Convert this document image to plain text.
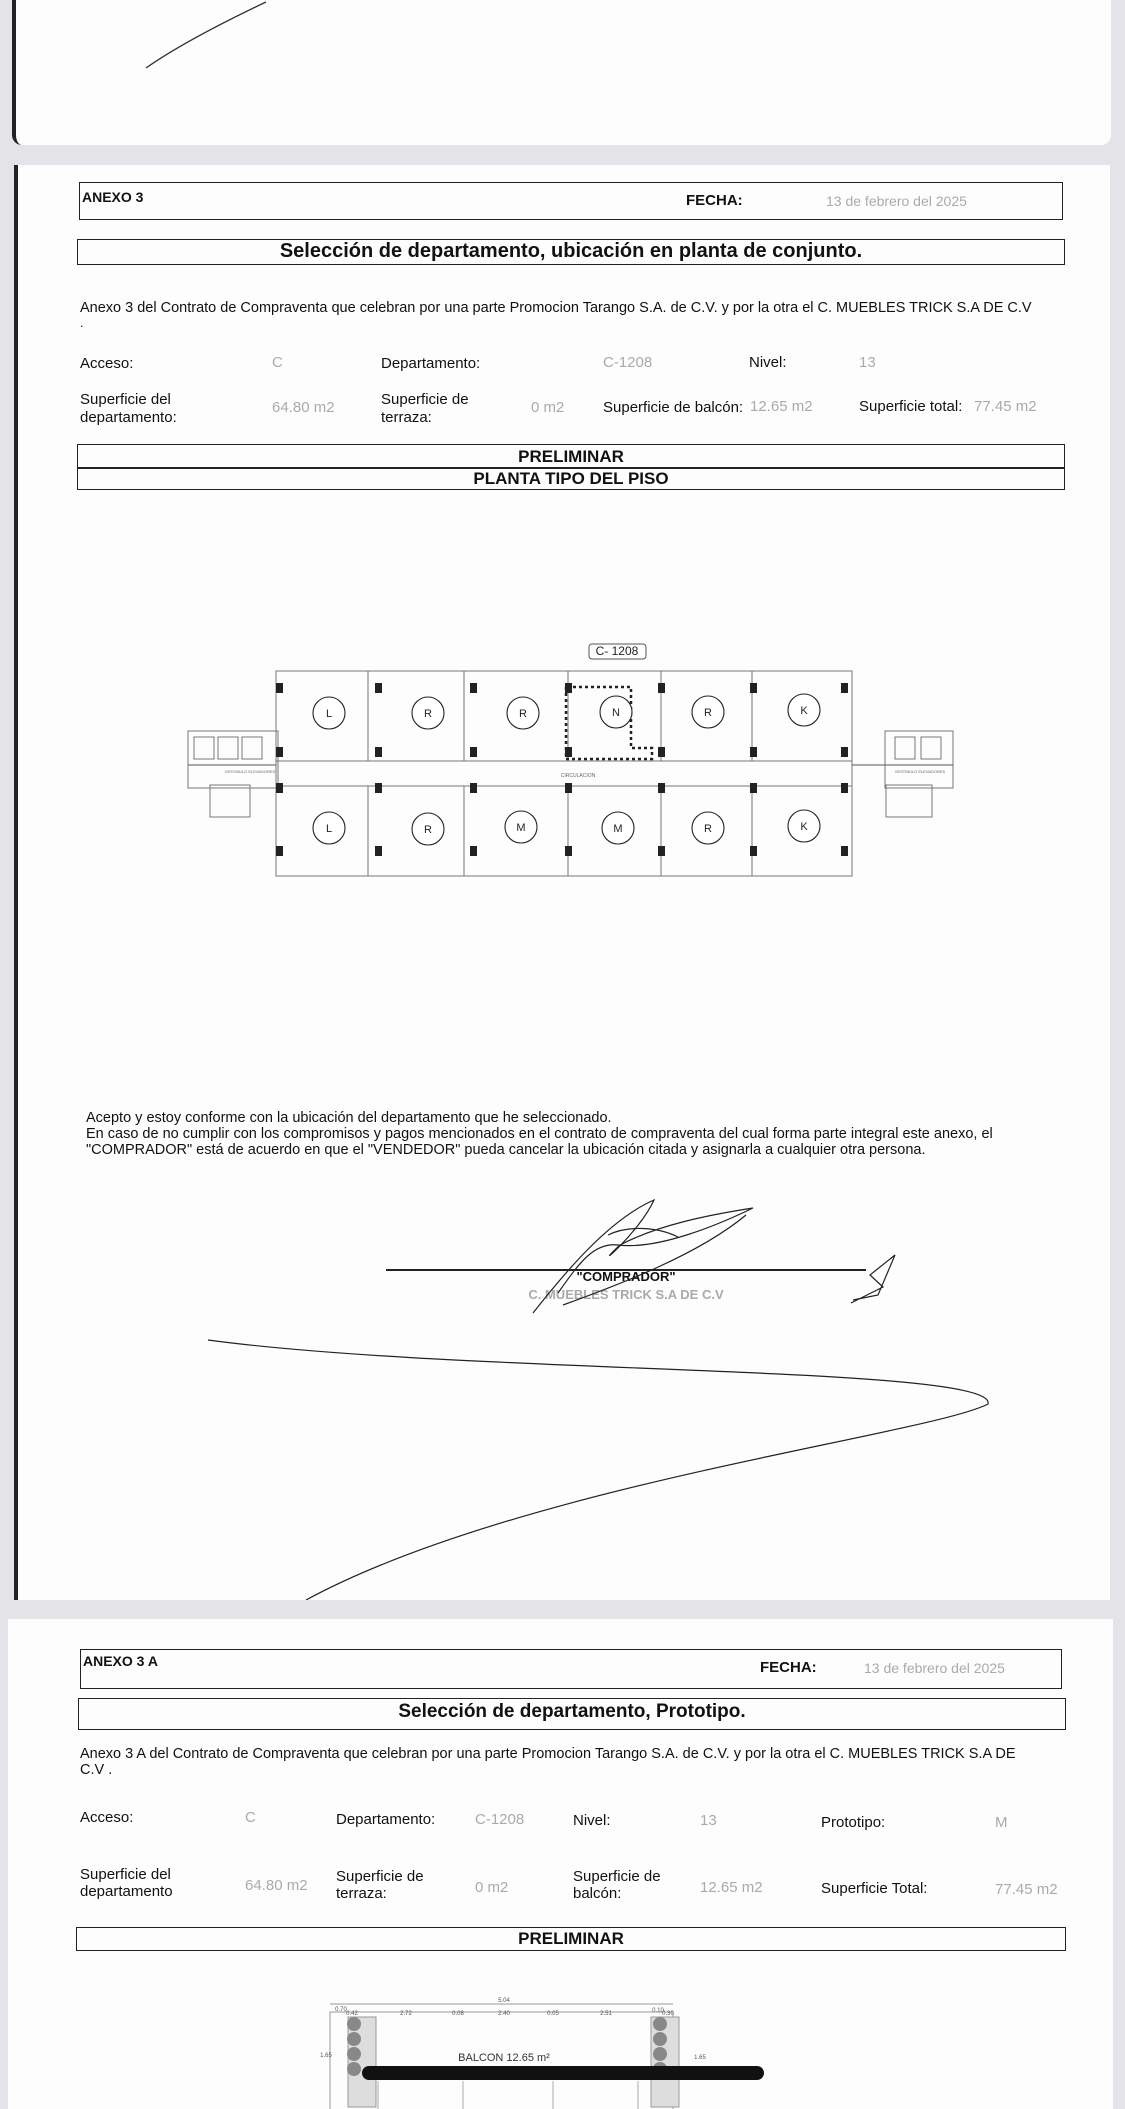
ANEXO 3	FECHA:	13 de febrero del 2025
Selección de departamento, ubicación en planta de conjunto.
Anexo 3 del Contrato de Compraventa que celebran por una parte Promocion Tarango S.A. de C.V. y por la otra el C. MUEBLES TRICK S.A DE C.V
.
Acceso:	C	Departamento:	C-1208	Nivel:	13
Superficie del
departamento:
64.80 m2	Superficie de
terraza:
0 m2	Superficie de balcón: 12.65 m2	Superficie total: 77.45 m2
PRELIMINAR
PLANTA TIPO DEL PISO
L	R	R	N	R	K
L	R	M	M	R	K
C- 1208
CIRCULACION
VESTIBULO ELEVADORES	VESTIBULO ELEVADORES
Acepto y estoy conforme con la ubicación del departamento que he seleccionado.
En caso de no cumplir con los compromisos y pagos mencionados en el contrato de compraventa del cual forma parte integral este anexo, el
"COMPRADOR" está de acuerdo en que el "VENDEDOR" pueda cancelar la ubicación citada y asignarla a cualquier otra persona.
"COMPRADOR"
C. MUEBLES TRICK S.A DE C.V
ANEXO 3 A	FECHA:	13 de febrero del 2025
Selección de departamento, Prototipo.
Anexo 3 A del Contrato de Compraventa que celebran por una parte Promocion Tarango S.A. de C.V. y por la otra el C. MUEBLES TRICK S.A DE
C.V .
Acceso:	C	Departamento:	C-1208	Nivel:	13	Prototipo:	M
Superficie del
departamento	64.80 m2
Superficie de
terraza:	0 m2
Superficie de
balcón:	12.65 m2	Superficie Total:	77.45 m2
PRELIMINAR
5.04
0.70
0.42	2.72	0.08	2.40	0.05	2.51	0.10
0.30
1.65	1.65
BALCON 12.65 m²
